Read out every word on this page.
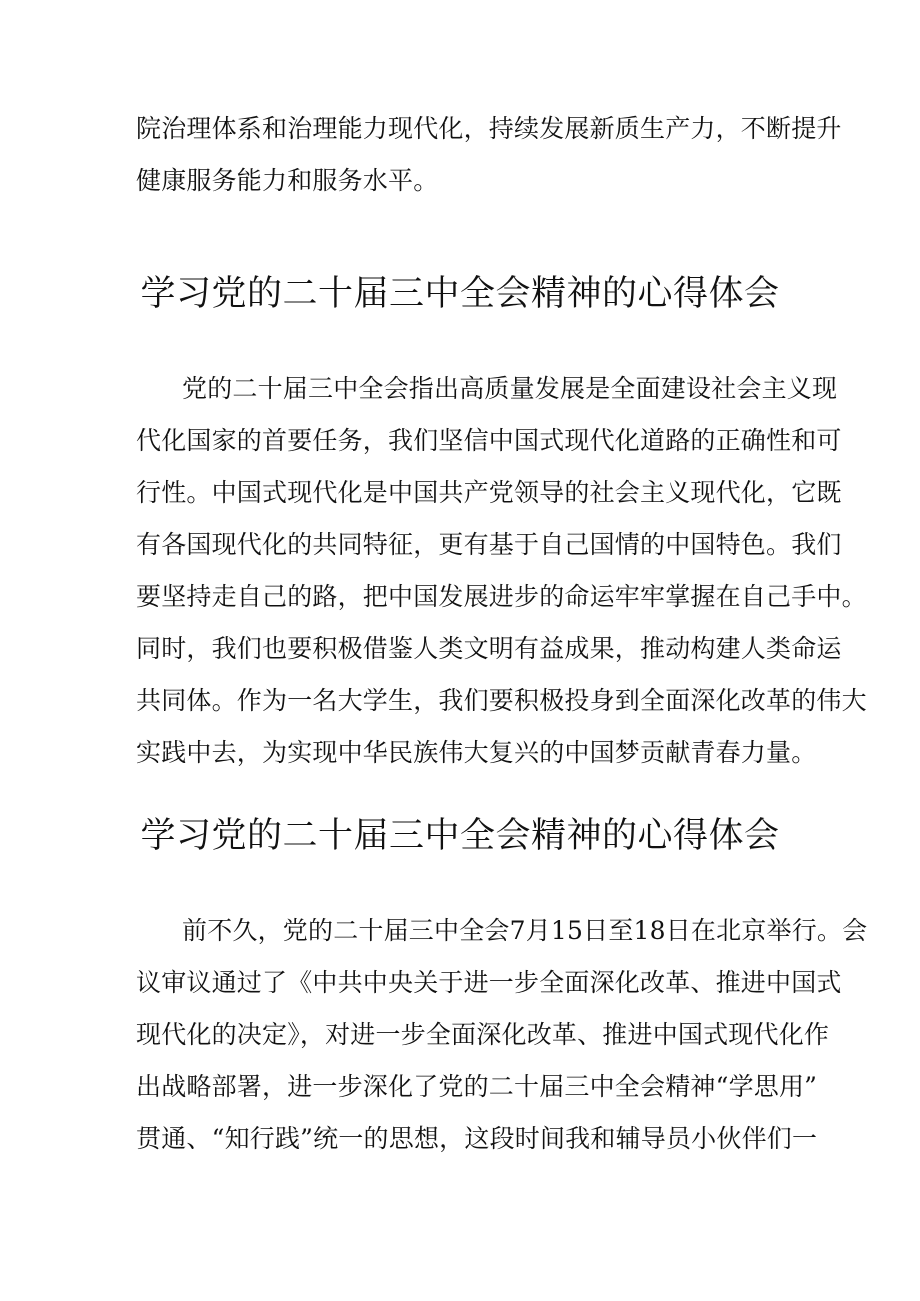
院治理体系和治理能力现代化，持续发展新质生产力，不断提升
健康服务能力和服务水平。
学习党的二十届三中全会精神的心得体会
党的二十届三中全会指出高质量发展是全面建设社会主义现
代化国家的首要任务，我们坚信中国式现代化道路的正确性和可
行性。中国式现代化是中国共产党领导的社会主义现代化，它既
有各国现代化的共同特征，更有基于自己国情的中国特色。我们
要坚持走自己的路，把中国发展进步的命运牢牢掌握在自己手中。
同时，我们也要积极借鉴人类文明有益成果，推动构建人类命运
共同体。作为一名大学生，我们要积极投身到全面深化改革的伟大
实践中去，为实现中华民族伟大复兴的中国梦贡献青春力量。
学习党的二十届三中全会精神的心得体会
前不久，党的二十届三中全会7月15日至18日在北京举行。会
议审议通过了《中共中央关于进一步全面深化改革、推进中国式
现代化的决定》，对进一步全面深化改革、推进中国式现代化作
出战略部署，进一步深化了党的二十届三中全会精神“学思用”
贯通、“知行践”统一的思想，这段时间我和辅导员小伙伴们一
